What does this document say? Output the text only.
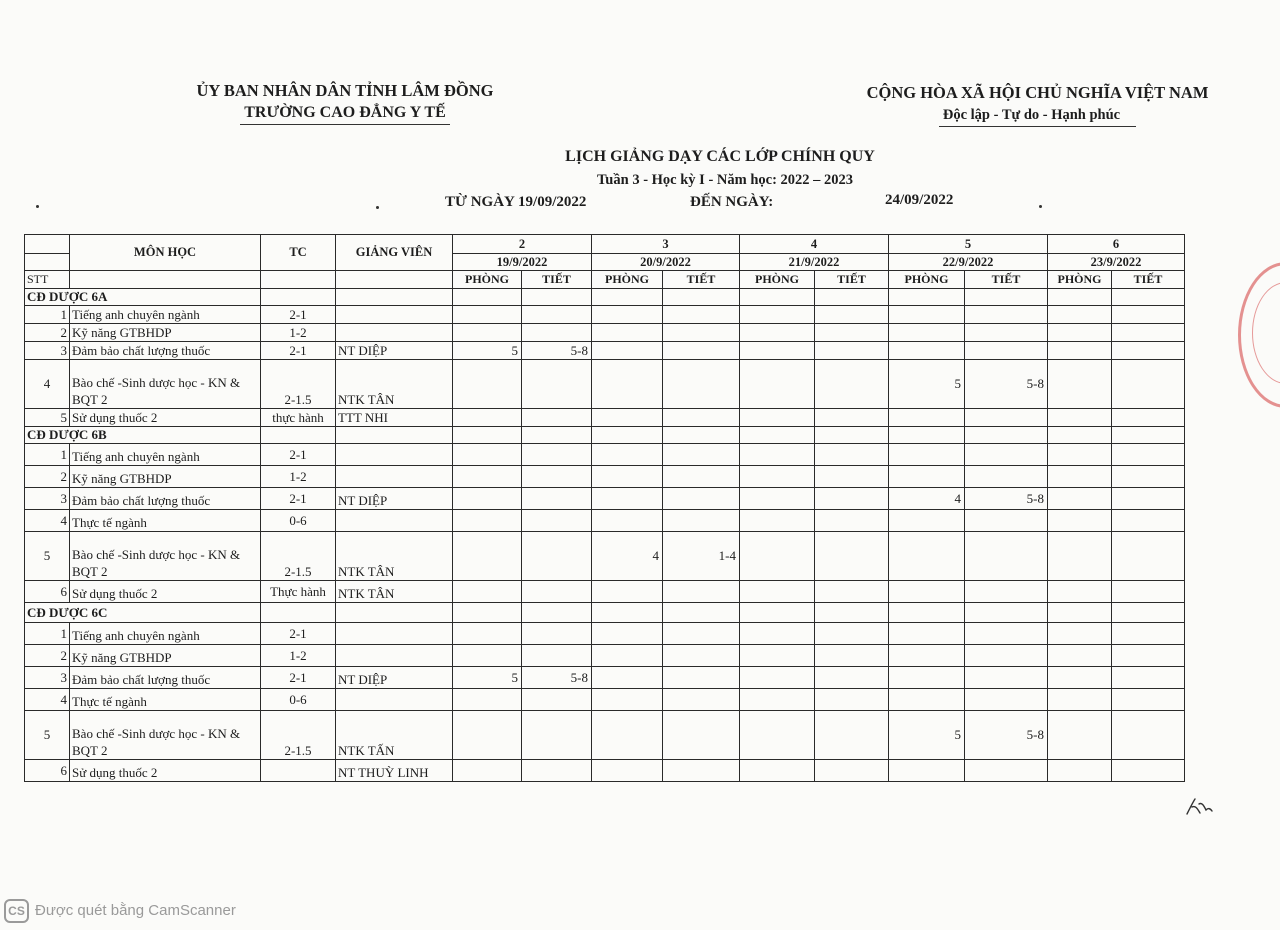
ỦY BAN NHÂN DÂN TỈNH LÂM ĐỒNG
TRƯỜNG CAO ĐẲNG Y TẾ
CỘNG HÒA XÃ HỘI CHỦ NGHĨA VIỆT NAM
Độc lập - Tự do - Hạnh phúc
LỊCH GIẢNG DẠY CÁC LỚP CHÍNH QUY
Tuần 3 - Học kỳ I - Năm học: 2022 – 2023
TỪ NGÀY 19/09/2022	ĐẾN NGÀY:	24/09/2022
	MÔN HỌC	TC	GIẢNG VIÊN	2		3		4		5		6	
				19/9/2022		20/9/2022		21/9/2022		22/9/2022		23/9/2022	
STT				PHÒNG	TIẾT	PHÒNG	TIẾT	PHÒNG	TIẾT	PHÒNG	TIẾT	PHÒNG	TIẾT
CĐ DƯỢC 6A													
1	Tiếng anh chuyên ngành	2-1											
2	Kỹ năng GTBHDP	1-2											
3	Đảm bảo chất lượng thuốc	2-1	NT DIỆP	5	5-8								
4	Bào chế -Sinh dược học - KN & BQT 2	2-1.5	NTK TÂN							5	5-8		
5	Sử dụng thuốc 2	thực hành	TTT NHI										
CĐ DƯỢC 6B													
1	Tiếng anh chuyên ngành	2-1											
2	Kỹ năng GTBHDP	1-2											
3	Đảm bảo chất lượng thuốc	2-1	NT DIỆP							4	5-8		
4	Thực tế ngành	0-6											
5	Bào chế -Sinh dược học - KN & BQT 2	2-1.5	NTK TÂN			4	1-4						
6	Sử dụng thuốc 2	Thực hành	NTK TÂN										
CĐ DƯỢC 6C													
1	Tiếng anh chuyên ngành	2-1											
2	Kỹ năng GTBHDP	1-2											
3	Đảm bảo chất lượng thuốc	2-1	NT DIỆP	5	5-8								
4	Thực tế ngành	0-6											
5	Bào chế -Sinh dược học - KN & BQT 2	2-1.5	NTK TẤN							5	5-8		
6	Sử dụng thuốc 2		NT THUỲ LINH										
CS Được quét bằng CamScanner
